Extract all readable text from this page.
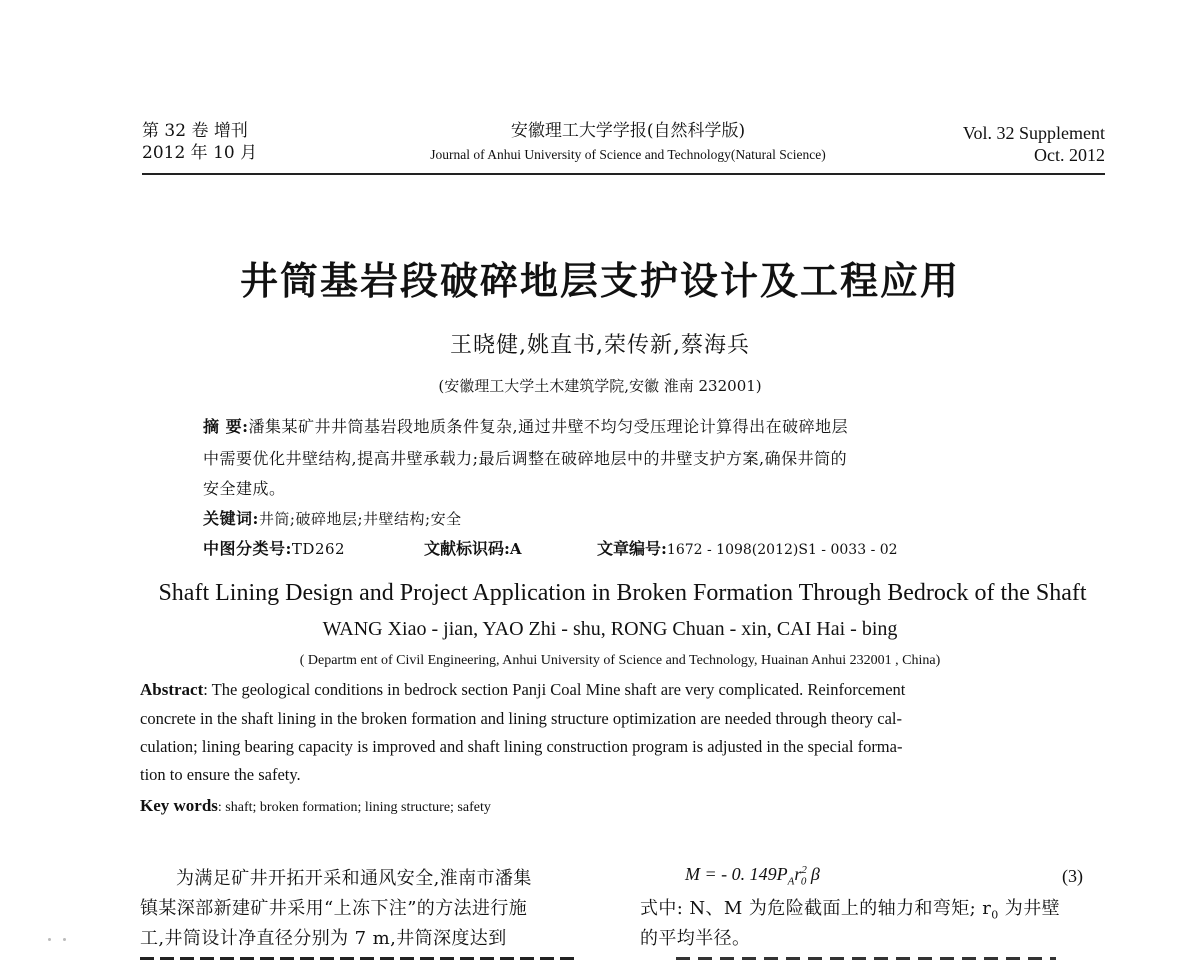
第 32 卷 增刊
2012 年 10 月
安徽理工大学学报(自然科学版)
Journal of Anhui University of Science and Technology(Natural Science)
Vol. 32 Supplement
Oct. 2012
井筒基岩段破碎地层支护设计及工程应用
王晓健,姚直书,荣传新,蔡海兵
(安徽理工大学土木建筑学院,安徽 淮南 232001)
摘 要:潘集某矿井井筒基岩段地质条件复杂,通过井壁不均匀受压理论计算得出在破碎地层
中需要优化井壁结构,提高井壁承载力;最后调整在破碎地层中的井壁支护方案,确保井筒的
安全建成。
关键词:井筒;破碎地层;井壁结构;安全
中图分类号:TD262	文献标识码:A	文章编号:1672 - 1098(2012)S1 - 0033 - 02
Shaft Lining Design and Project Application in Broken Formation Through Bedrock of the Shaft
WANG Xiao - jian, YAO Zhi - shu, RONG Chuan - xin, CAI Hai - bing
( Departm ent of Civil Engineering, Anhui University of Science and Technology, Huainan Anhui 232001 , China)
Abstract: The geological conditions in bedrock section Panji Coal Mine shaft are very complicated. Reinforcement
concrete in the shaft lining in the broken formation and lining structure optimization are needed through theory cal-
culation; lining bearing capacity is improved and shaft lining construction program is adjusted in the special forma-
tion to ensure the safety.
Key words: shaft; broken formation; lining structure; safety
为满足矿井开拓开采和通风安全,淮南市潘集
镇某深部新建矿井采用“上冻下注”的方法进行施
工,井筒设计净直径分别为 7 m,井筒深度达到
M = - 0. $149P_Ar^2_0$ β	(3)
式中: N、M 为危险截面上的轴力和弯矩; $r_0$ 为井壁
的平均半径。
